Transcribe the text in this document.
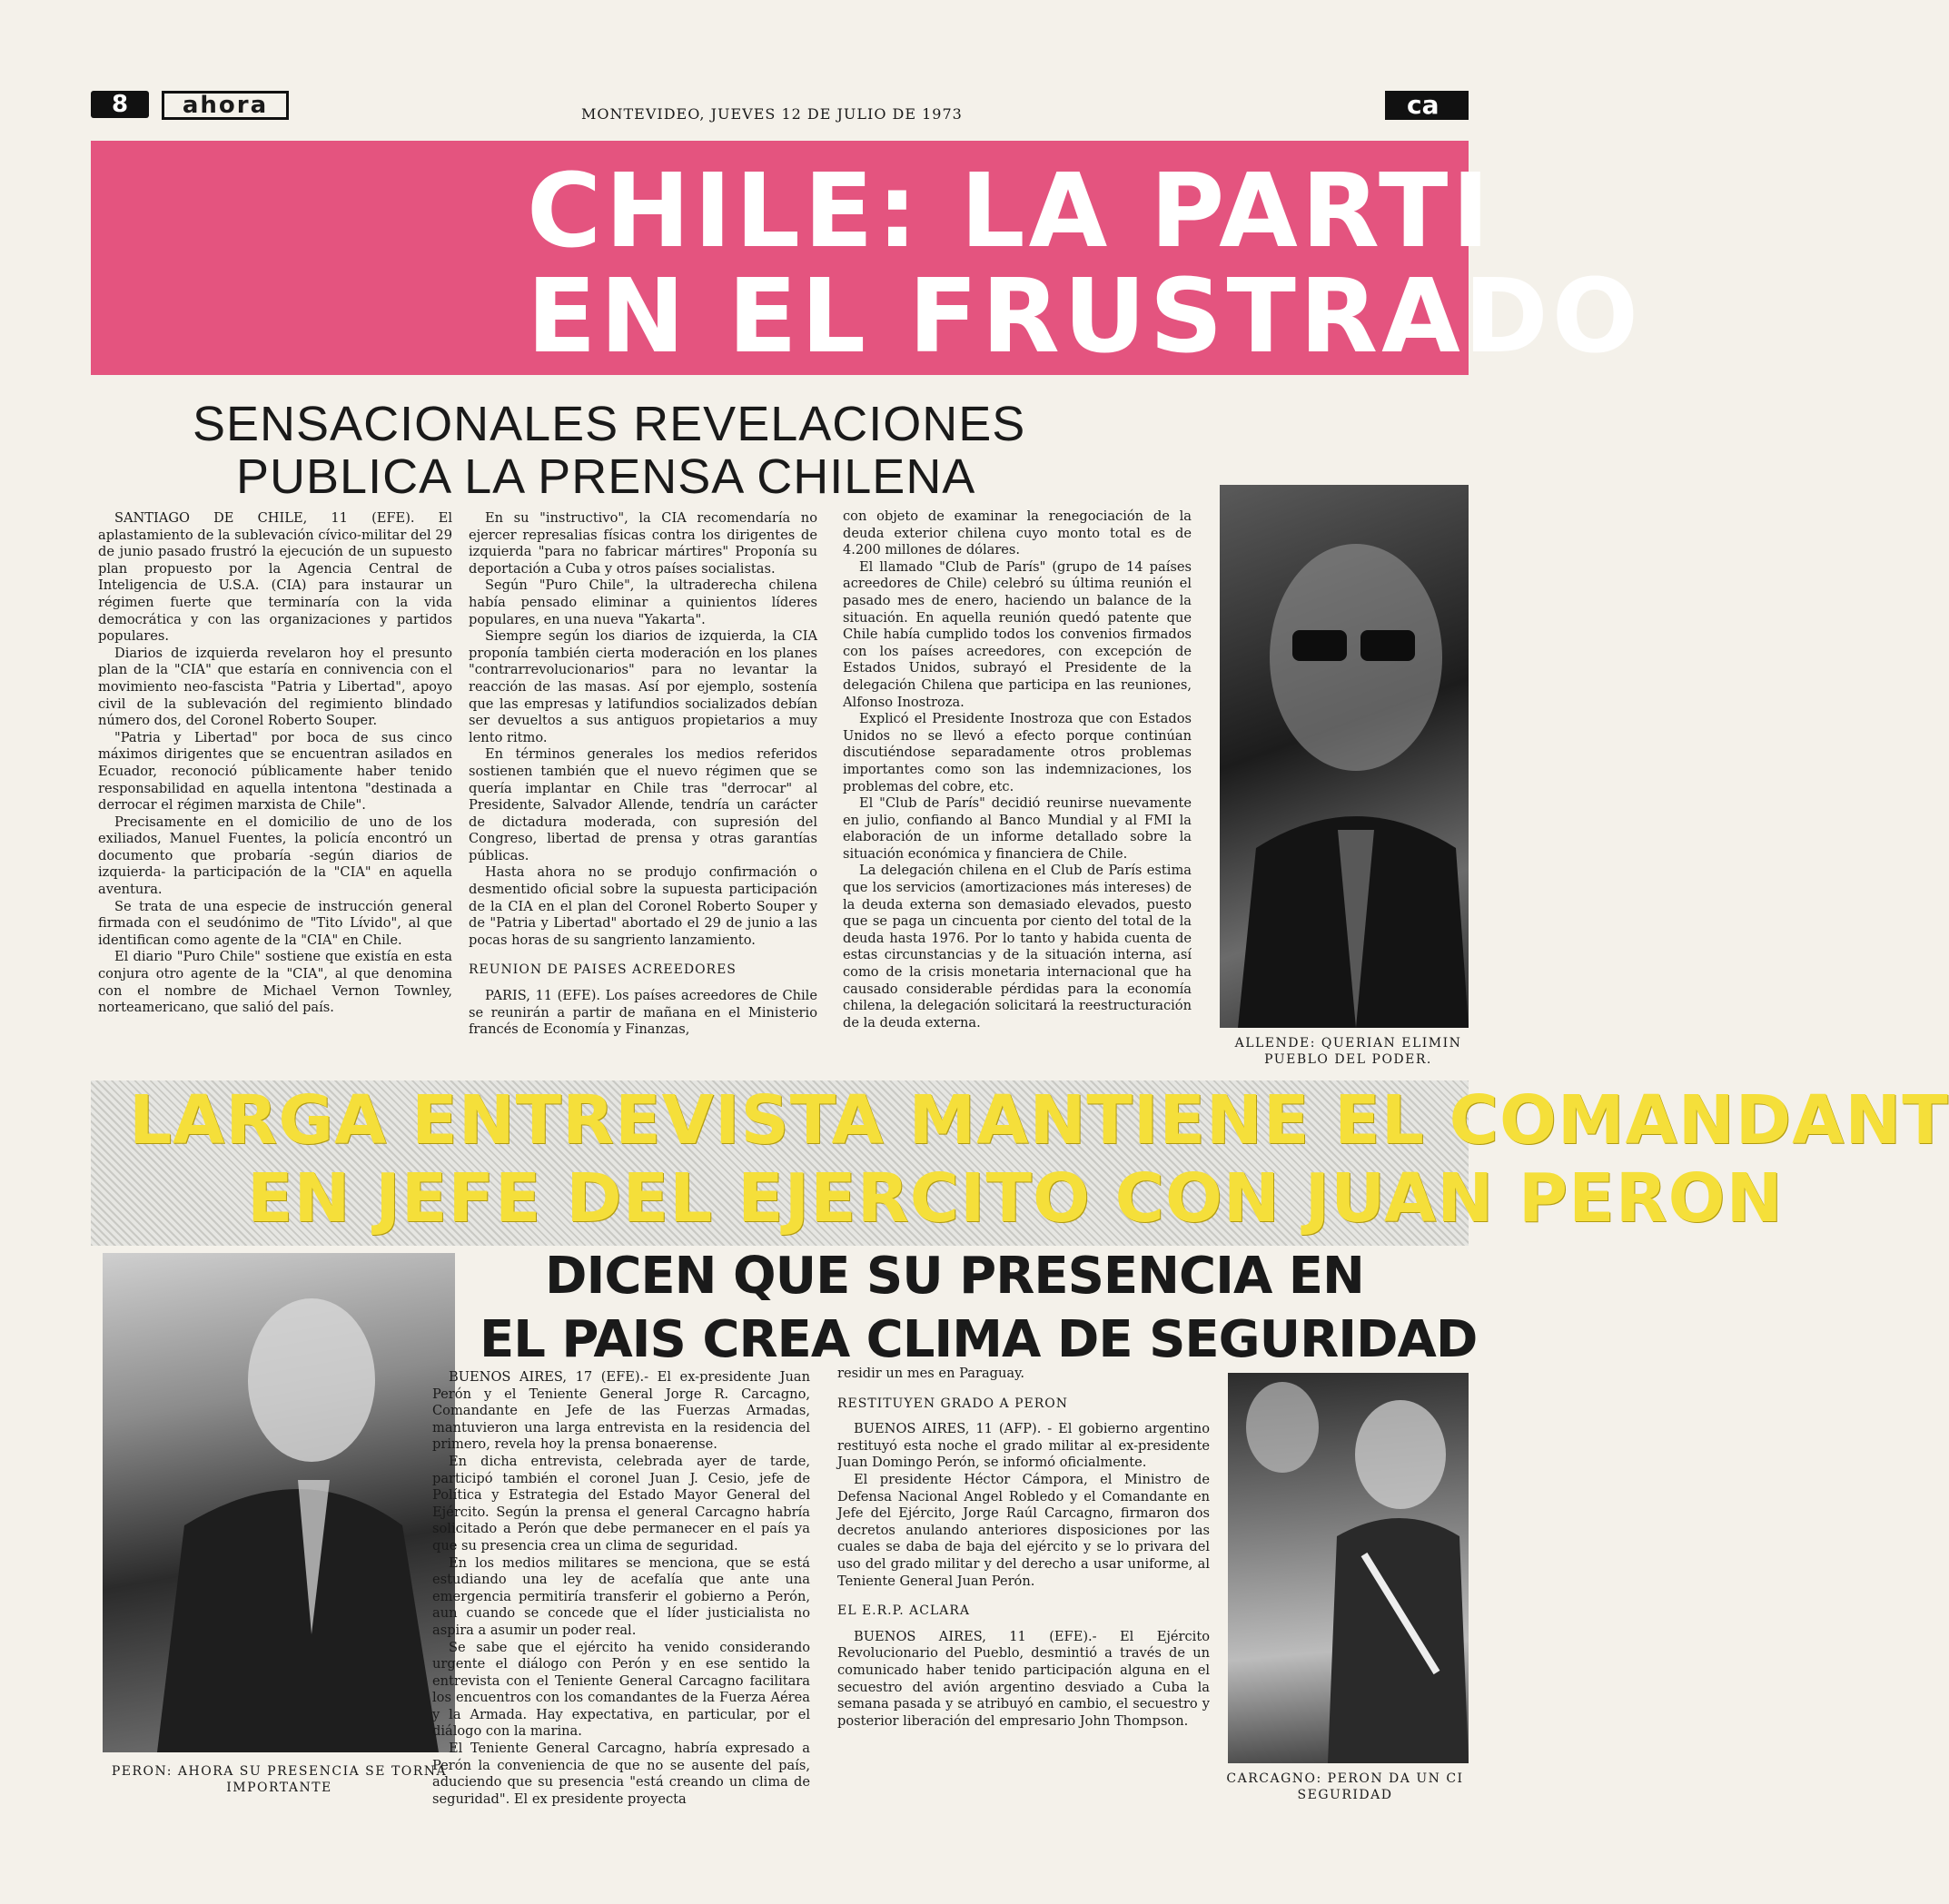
8	ahora	MONTEVIDEO, JUEVES 12 DE JULIO DE 1973	ca
CHILE: LA PARTI
EN EL FRUSTRADO
SENSACIONALES REVELACIONES
PUBLICA LA PRENSA CHILENA

SANTIAGO DE CHILE, 11 (EFE). El aplastamiento de la sublevación cívico-militar del 29 de junio pasado frustró la ejecución de un supuesto plan propuesto por la Agencia Central de Inteligencia de U.S.A. (CIA) para instaurar un régimen fuerte que terminaría con la vida democrática y con las organizaciones y partidos populares.

Diarios de izquierda revelaron hoy el presunto plan de la "CIA" que estaría en connivencia con el movimiento neo-fascista "Patria y Libertad", apoyo civil de la sublevación del regimiento blindado número dos, del Coronel Roberto Souper.

"Patria y Libertad" por boca de sus cinco máximos dirigentes que se encuentran asilados en Ecuador, reconoció públicamente haber tenido responsabilidad en aquella intentona "destinada a derrocar el régimen marxista de Chile".

Precisamente en el domicilio de uno de los exiliados, Manuel Fuentes, la policía encontró un documento que probaría -según diarios de izquierda- la participación de la "CIA" en aquella aventura.

Se trata de una especie de instrucción general firmada con el seudónimo de "Tito Lívido", al que identifican como agente de la "CIA" en Chile.

El diario "Puro Chile" sostiene que existía en esta conjura otro agente de la "CIA", al que denomina con el nombre de Michael Vernon Townley, norteamericano, que salió del país.

En su "instructivo", la CIA recomendaría no ejercer represalias físicas contra los dirigentes de izquierda "para no fabricar mártires" Proponía su deportación a Cuba y otros países socialistas.

Según "Puro Chile", la ultraderecha chilena había pensado eliminar a quinientos líderes populares, en una nueva "Yakarta".

Siempre según los diarios de izquierda, la CIA proponía también cierta moderación en los planes "contrarrevolucionarios" para no levantar la reacción de las masas. Así por ejemplo, sostenía que las empresas y latifundios socializados debían ser devueltos a sus antiguos propietarios a muy lento ritmo.

En términos generales los medios referidos sostienen también que el nuevo régimen que se quería implantar en Chile tras "derrocar" al Presidente, Salvador Allende, tendría un carácter de dictadura moderada, con supresión del Congreso, libertad de prensa y otras garantías públicas.

Hasta ahora no se produjo confirmación o desmentido oficial sobre la supuesta participación de la CIA en el plan del Coronel Roberto Souper y de "Patria y Libertad" abortado el 29 de junio a las pocas horas de su sangriento lanzamiento.

REUNION DE PAISES ACREEDORES

PARIS, 11 (EFE). Los países acreedores de Chile se reunirán a partir de mañana en el Ministerio francés de Economía y Finanzas,

con objeto de examinar la renegociación de la deuda exterior chilena cuyo monto total es de 4.200 millones de dólares.

El llamado "Club de París" (grupo de 14 países acreedores de Chile) celebró su última reunión el pasado mes de enero, haciendo un balance de la situación. En aquella reunión quedó patente que Chile había cumplido todos los convenios firmados con los países acreedores, con excepción de Estados Unidos, subrayó el Presidente de la delegación Chilena que participa en las reuniones, Alfonso Inostroza.

Explicó el Presidente Inostroza que con Estados Unidos no se llevó a efecto porque continúan discutiéndose separadamente otros problemas importantes como son las indemnizaciones, los problemas del cobre, etc.

El "Club de París" decidió reunirse nuevamente en julio, confiando al Banco Mundial y al FMI la elaboración de un informe detallado sobre la situación económica y financiera de Chile.

La delegación chilena en el Club de París estima que los servicios (amortizaciones más intereses) de la deuda externa son demasiado elevados, puesto que se paga un cincuenta por ciento del total de la deuda hasta 1976. Por lo tanto y habida cuenta de estas circunstancias y de la situación interna, así como de la crisis monetaria internacional que ha causado considerable pérdidas para la economía chilena, la delegación solicitará la reestructuración de la deuda externa.

ALLENDE: QUERIAN ELIMIN PUEBLO DEL PODER.
LARGA ENTREVISTA MANTIENE EL COMANDANT
EN JEFE DEL EJERCITO CON JUAN PERON
PERON: AHORA SU PRESENCIA SE TORNA IMPORTANTE
DICEN QUE SU PRESENCIA EN
EL PAIS CREA CLIMA DE SEGURIDAD

BUENOS AIRES, 17 (EFE).- El ex-presidente Juan Perón y el Teniente General Jorge R. Carcagno, Comandante en Jefe de las Fuerzas Armadas, mantuvieron una larga entrevista en la residencia del primero, revela hoy la prensa bonaerense.

En dicha entrevista, celebrada ayer de tarde, participó también el coronel Juan J. Cesio, jefe de Política y Estrategia del Estado Mayor General del Ejército. Según la prensa el general Carcagno habría solicitado a Perón que debe permanecer en el país ya que su presencia crea un clima de seguridad.

En los medios militares se menciona, que se está estudiando una ley de acefalía que ante una emergencia permitiría transferir el gobierno a Perón, aun cuando se concede que el líder justicialista no aspira a asumir un poder real.

Se sabe que el ejército ha venido considerando urgente el diálogo con Perón y en ese sentido la entrevista con el Teniente General Carcagno facilitara los encuentros con los comandantes de la Fuerza Aérea y la Armada. Hay expectativa, en particular, por el diálogo con la marina.

El Teniente General Carcagno, habría expresado a Perón la conveniencia de que no se ausente del país, aduciendo que su presencia "está creando un clima de seguridad". El ex presidente proyecta

residir un mes en Paraguay.

RESTITUYEN GRADO A PERON

BUENOS AIRES, 11 (AFP). - El gobierno argentino restituyó esta noche el grado militar al ex-presidente Juan Domingo Perón, se informó oficialmente.

El presidente Héctor Cámpora, el Ministro de Defensa Nacional Angel Robledo y el Comandante en Jefe del Ejército, Jorge Raúl Carcagno, firmaron dos decretos anulando anteriores disposiciones por las cuales se daba de baja del ejército y se lo privara del uso del grado militar y del derecho a usar uniforme, al Teniente General Juan Perón.

EL E.R.P. ACLARA

BUENOS AIRES, 11 (EFE).- El Ejército Revolucionario del Pueblo, desmintió a través de un comunicado haber tenido participación alguna en el secuestro del avión argentino desviado a Cuba la semana pasada y se atribuyó en cambio, el secuestro y posterior liberación del empresario John Thompson.

CARCAGNO: PERON DA UN CI SEGURIDAD
